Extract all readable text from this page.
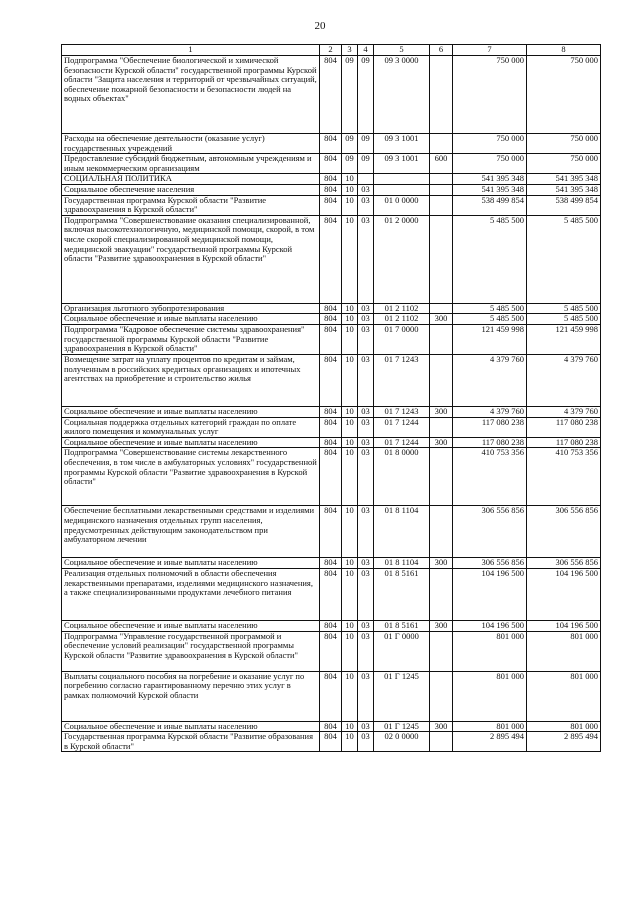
20
1	2	3	4	5	6	7	8
Подпрограмма "Обеспечение биологической и химической безопасности Курской области" государственной программы Курской области "Защита населения и территорий от чрезвычайных ситуаций, обеспечение пожарной безопасности и безопасности людей на водных объектах"	804	09	09	09 3 0000		750 000	750 000
Расходы на обеспечение деятельности (оказание услуг) государственных учреждений	804	09	09	09 3 1001		750 000	750 000
Предоставление субсидий бюджетным, автономным учреждениям и иным некоммерческим организациям	804	09	09	09 3 1001	600	750 000	750 000
СОЦИАЛЬНАЯ ПОЛИТИКА	804	10				541 395 348	541 395 348
Социальное обеспечение населения	804	10	03			541 395 348	541 395 348
Государственная программа Курской области "Развитие здравоохранения в Курской области"	804	10	03	01 0 0000		538 499 854	538 499 854
Подпрограмма "Совершенствование оказания специализированной, включая высокотехнологичную, медицинской помощи, скорой, в том числе скорой специализированной медицинской помощи, медицинской эвакуации" государственной программы Курской области "Развитие здравоохранения в Курской области"	804	10	03	01 2 0000		5 485 500	5 485 500
Организация льготного зубопротезирования	804	10	03	01 2 1102		5 485 500	5 485 500
Социальное обеспечение и иные выплаты населению	804	10	03	01 2 1102	300	5 485 500	5 485 500
Подпрограмма "Кадровое обеспечение системы здравоохранения" государственной программы Курской области "Развитие здравоохранения в Курской области"	804	10	03	01 7 0000		121 459 998	121 459 998
Возмещение затрат на уплату процентов по кредитам и займам, полученным в российских кредитных организациях и ипотечных агентствах на приобретение и строительство жилья	804	10	03	01 7 1243		4 379 760	4 379 760
Социальное обеспечение и иные выплаты населению	804	10	03	01 7 1243	300	4 379 760	4 379 760
Социальная поддержка отдельных категорий граждан по оплате жилого помещения и коммунальных услуг	804	10	03	01 7 1244		117 080 238	117 080 238
Социальное обеспечение и иные выплаты населению	804	10	03	01 7 1244	300	117 080 238	117 080 238
Подпрограмма "Совершенствование системы лекарственного обеспечения, в том числе в амбулаторных условиях" государственной программы Курской области "Развитие здравоохранения в Курской области"	804	10	03	01 8 0000		410 753 356	410 753 356
Обеспечение бесплатными лекарственными средствами и изделиями медицинского назначения отдельных групп населения, предусмотренных действующим законодательством при амбулаторном лечении	804	10	03	01 8 1104		306 556 856	306 556 856
Социальное обеспечение и иные выплаты населению	804	10	03	01 8 1104	300	306 556 856	306 556 856
Реализация отдельных полномочий в области обеспечения лекарственными препаратами, изделиями медицинского назначения, а также специализированными продуктами лечебного питания	804	10	03	01 8 5161		104 196 500	104 196 500
Социальное обеспечение и иные выплаты населению	804	10	03	01 8 5161	300	104 196 500	104 196 500
Подпрограмма "Управление государственной программой и обеспечение условий реализации" государственной программы Курской области "Развитие здравоохранения в Курской области"	804	10	03	01 Г 0000		801 000	801 000
Выплаты социального пособия на погребение и оказание услуг по погребению согласно гарантированному перечню этих услуг в рамках полномочий Курской области	804	10	03	01 Г 1245		801 000	801 000
Социальное обеспечение и иные выплаты населению	804	10	03	01 Г 1245	300	801 000	801 000
Государственная программа Курской области "Развитие образования в Курской области"	804	10	03	02 0 0000		2 895 494	2 895 494
